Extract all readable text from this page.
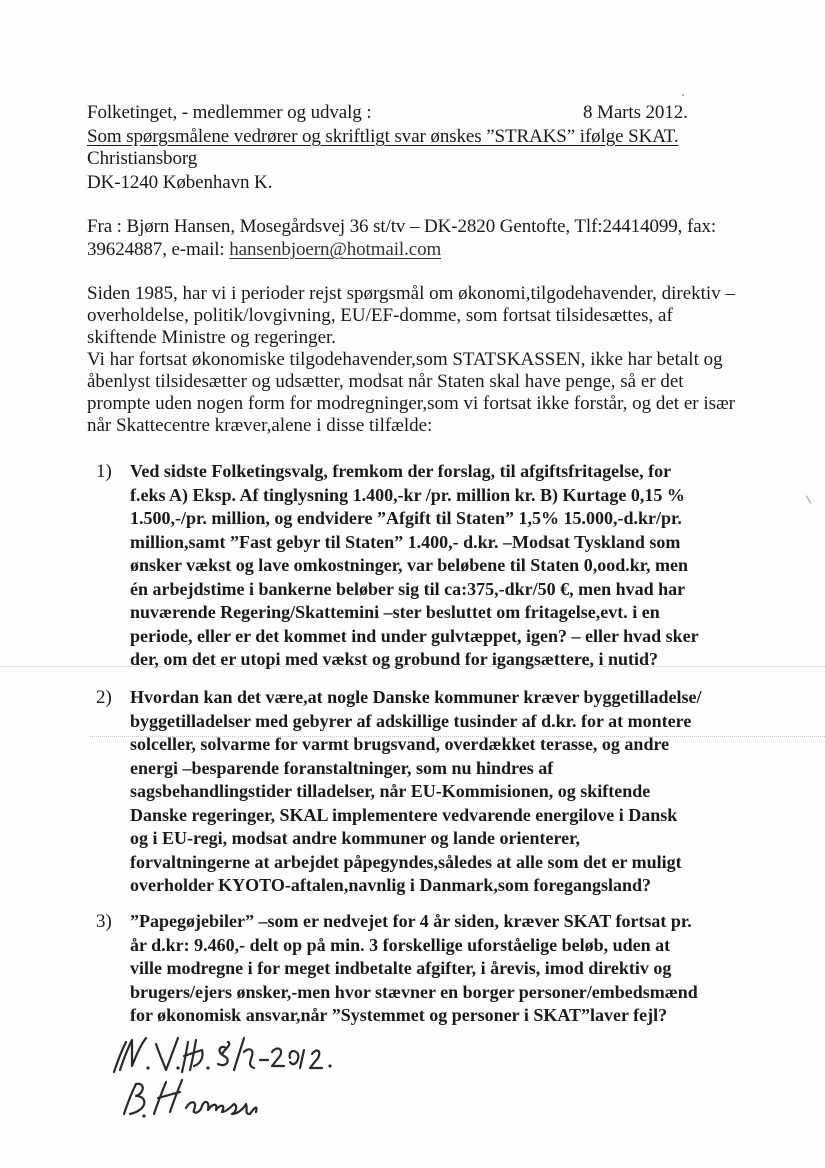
Folketinget, - medlemmer og udvalg :	8 Marts 2012.
Som spørgsmålene vedrører og skriftligt svar ønskes ”STRAKS” ifølge SKAT.
Christiansborg
DK-1240 København K.
Fra : Bjørn Hansen, Mosegårdsvej 36 st/tv – DK-2820 Gentofte, Tlf:24414099, fax:
39624887, e-mail: hansenbjoern@hotmail.com
Siden 1985, har vi i perioder rejst spørgsmål om økonomi,tilgodehavender, direktiv –
overholdelse, politik/lovgivning, EU/EF-domme, som fortsat tilsidesættes, af
skiftende Ministre og regeringer.
Vi har fortsat økonomiske tilgodehavender,som STATSKASSEN, ikke har betalt og
åbenlyst tilsidesætter og udsætter, modsat når Staten skal have penge, så er det
prompte uden nogen form for modregninger,som vi fortsat ikke forstår, og det er især
når Skattecentre kræver,alene i disse tilfælde:
1) Ved sidste Folketingsvalg, fremkom der forslag, til afgiftsfritagelse, for
f.eks A) Eksp. Af tinglysning 1.400,-kr /pr. million kr. B) Kurtage 0,15 %
1.500,-/pr. million, og endvidere ”Afgift til Staten” 1,5% 15.000,-d.kr/pr.
million,samt ”Fast gebyr til Staten” 1.400,- d.kr. –Modsat Tyskland som
ønsker vækst og lave omkostninger, var beløbene til Staten 0,ood.kr, men
én arbejdstime i bankerne beløber sig til ca:375,-dkr/50 €, men hvad har
nuværende Regering/Skattemini –ster besluttet om fritagelse,evt. i en
periode, eller er det kommet ind under gulvtæppet, igen? – eller hvad sker
der, om det er utopi med vækst og grobund for igangsættere, i nutid?
2) Hvordan kan det være,at nogle Danske kommuner kræver byggetilladelse/
byggetilladelser med gebyrer af adskillige tusinder af d.kr. for at montere
solceller, solvarme for varmt brugsvand, overdækket terasse, og andre
energi –besparende foranstaltninger, som nu hindres af
sagsbehandlingstider tilladelser, når EU-Kommisionen, og skiftende
Danske regeringer, SKAL implementere vedvarende energilove i Dansk
og i EU-regi, modsat andre kommuner og lande orienterer,
forvaltningerne at arbejdet påpegyndes,således at alle som det er muligt
overholder KYOTO-aftalen,navnlig i Danmark,som foregangsland?
3) ”Papegøjebiler” –som er nedvejet for 4 år siden, kræver SKAT fortsat pr.
år d.kr: 9.460,- delt op på min. 3 forskellige uforståelige beløb, uden at
ville modregne i for meget indbetalte afgifter, i årevis, imod direktiv og
brugers/ejers ønsker,-men hvor stævner en borger personer/embedsmænd
for økonomisk ansvar,når ”Systemmet og personer i SKAT”laver fejl?
